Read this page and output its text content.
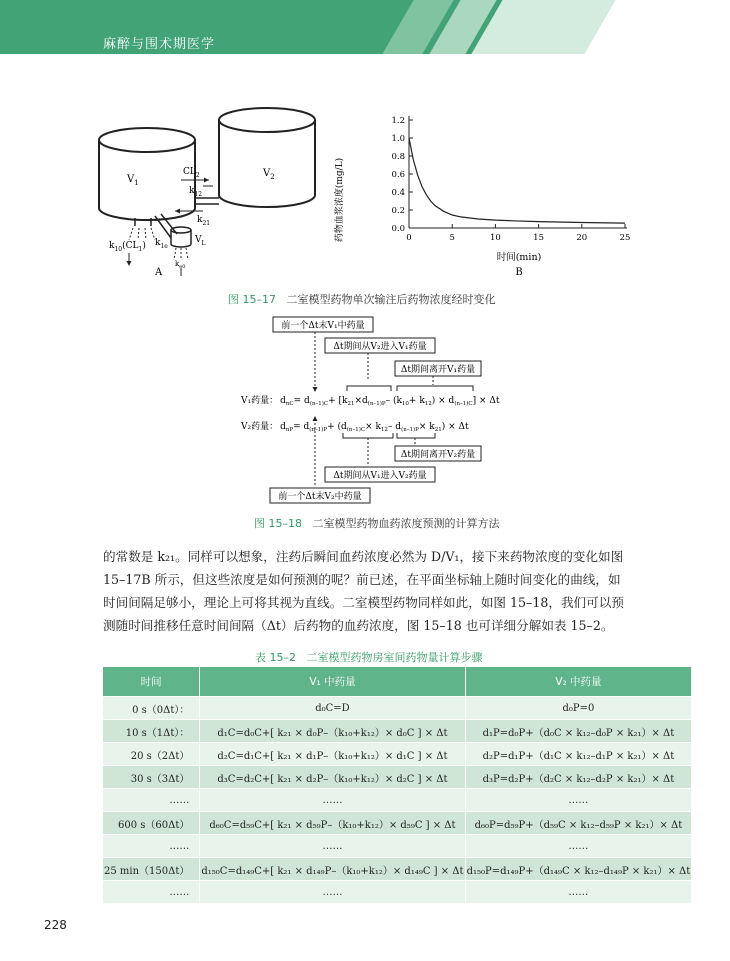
麻醉与围术期医学
$V_1$
$V_2$
$CL_2$
$k_{12}$
$k_{21}$
$k_{10}(CL_1)$ $k_{1e}$
$V_L$
$k_{e0}$
A
0.0
0.2
0.4
0.6
0.8
1.0
1.2
0	5	10	15	20	25
药物血浆浓度(mg/L)
时间(min)
B
图 15–17 二室模型药物单次输注后药物浓度经时变化
前一个Δt末V₁中药量
Δt期间从V₂进入V₁药量
Δt期间离开V₁药量
V₁药量： $d_{nC}= d_{(n-1)C}+ [k_{21}\times d_{(n-1)P}-$ $(k_{10}+ k_{12}) \times d_{(n-1)C}] \times \Delta t$
V₂药量： $d_{nP}= d_{(n-1)P}+ (d_{(n-1)C}\times k_{12}-$ $d_{(n-1)P}\times k_{21}) \times \Delta t$
Δt期间离开V₂药量
Δt期间从V₁进入V₂药量
前一个Δt末V₂中药量
图 15–18 二室模型药物血药浓度预测的计算方法

的常数是 k₂₁。同样可以想象，注药后瞬间血药浓度必然为 D/V₁，接下来药物浓度的变化如图 15–17B 所示，但这些浓度是如何预测的呢？前已述，在平面坐标轴上随时间变化的曲线，如时间间隔足够小，理论上可将其视为直线。二室模型药物同样如此，如图 15–18，我们可以预测随时间推移任意时间间隔（Δt）后药物的血药浓度，图 15–18 也可详细分解如表 15–2。

表 15–2 二室模型药物房室间药物量计算步骤
时间	V₁ 中药量	V₂ 中药量
0 s（0Δt）：	d₀C=D	d₀P=0
10 s（1Δt）：	d₁C=d₀C+[ k₂₁ × d₀P–（k₁₀+k₁₂）× d₀C ] × Δt	d₁P=d₀P+（d₀C × k₁₂–d₀P × k₂₁）× Δt
20 s（2Δt）	d₂C=d₁C+[ k₂₁ × d₁P–（k₁₀+k₁₂）× d₁C ] × Δt	d₂P=d₁P+（d₁C × k₁₂–d₁P × k₂₁）× Δt
30 s（3Δt）	d₃C=d₂C+[ k₂₁ × d₂P–（k₁₀+k₁₂）× d₂C ] × Δt	d₃P=d₂P+（d₂C × k₁₂–d₂P × k₂₁）× Δt
……	……	……
600 s（60Δt）	d₆₀C=d₅₉C+[ k₂₁ × d₅₉P–（k₁₀+k₁₂）× d₅₉C ] × Δt	d₆₀P=d₅₉P+（d₅₉C × k₁₂–d₅₉P × k₂₁）× Δt
……	……	……
25 min（150Δt）	d₁₅₀C=d₁₄₉C+[ k₂₁ × d₁₄₉P–（k₁₀+k₁₂）× d₁₄₉C ] × Δt	d₁₅₀P=d₁₄₉P+（d₁₄₉C × k₁₂–d₁₄₉P × k₂₁）× Δt
……	……	……
228
